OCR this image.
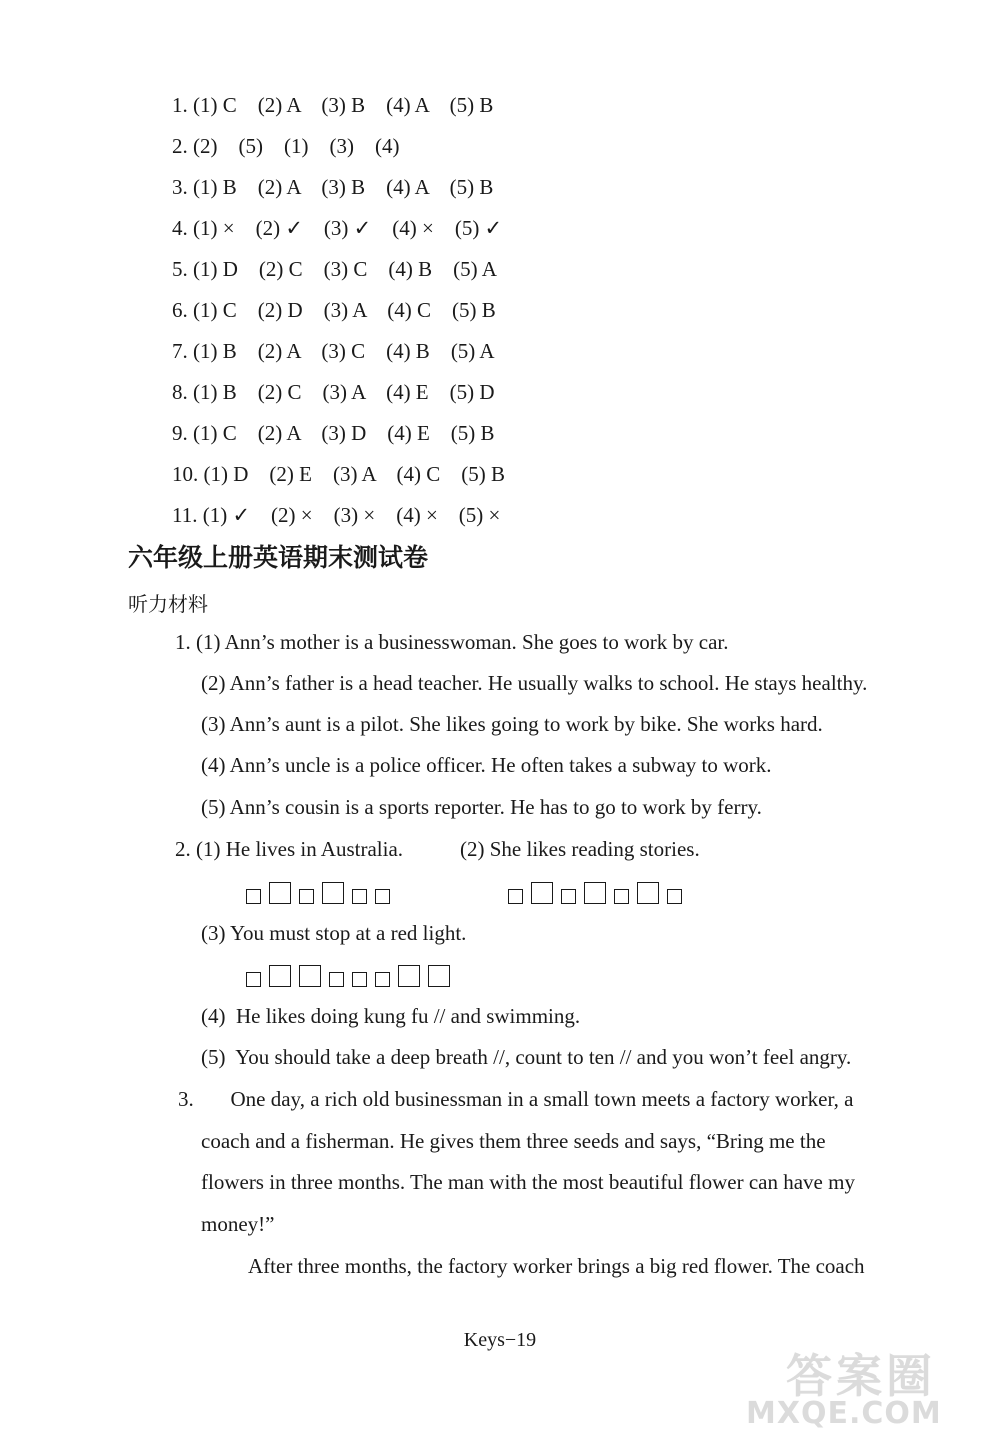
1. (1) C    (2) A    (3) B    (4) A    (5) B
2. (2)    (5)    (1)    (3)    (4)
3. (1) B    (2) A    (3) B    (4) A    (5) B
4. (1) ×    (2) ✓    (3) ✓    (4) ×    (5) ✓
5. (1) D    (2) C    (3) C    (4) B    (5) A
6. (1) C    (2) D    (3) A    (4) C    (5) B
7. (1) B    (2) A    (3) C    (4) B    (5) A
8. (1) B    (2) C    (3) A    (4) E    (5) D
9. (1) C    (2) A    (3) D    (4) E    (5) B
10. (1) D    (2) E    (3) A    (4) C    (5) B
11. (1) ✓    (2) ×    (3) ×    (4) ×    (5) ×
六年级上册英语期末测试卷
听力材料
1. (1) Ann’s mother is a businesswoman. She goes to work by car.
(2) Ann’s father is a head teacher. He usually walks to school. He stays healthy.
(3) Ann’s aunt is a pilot. She likes going to work by bike. She works hard.
(4) Ann’s uncle is a police officer. He often takes a subway to work.
(5) Ann’s cousin is a sports reporter. He has to go to work by ferry.
2. (1) He lives in Australia.	(2) She likes reading stories.
(3) You must stop at a red light.
(4)  He likes doing kung fu // and swimming.
(5)  You should take a deep breath //, count to ten // and you won’t feel angry.
3.       One day, a rich old businessman in a small town meets a factory worker, a
coach and a fisherman. He gives them three seeds and says, “Bring me the
flowers in three months. The man with the most beautiful flower can have my
money!”
After three months, the factory worker brings a big red flower. The coach
Keys−19
答案圈
MXQE.COM
